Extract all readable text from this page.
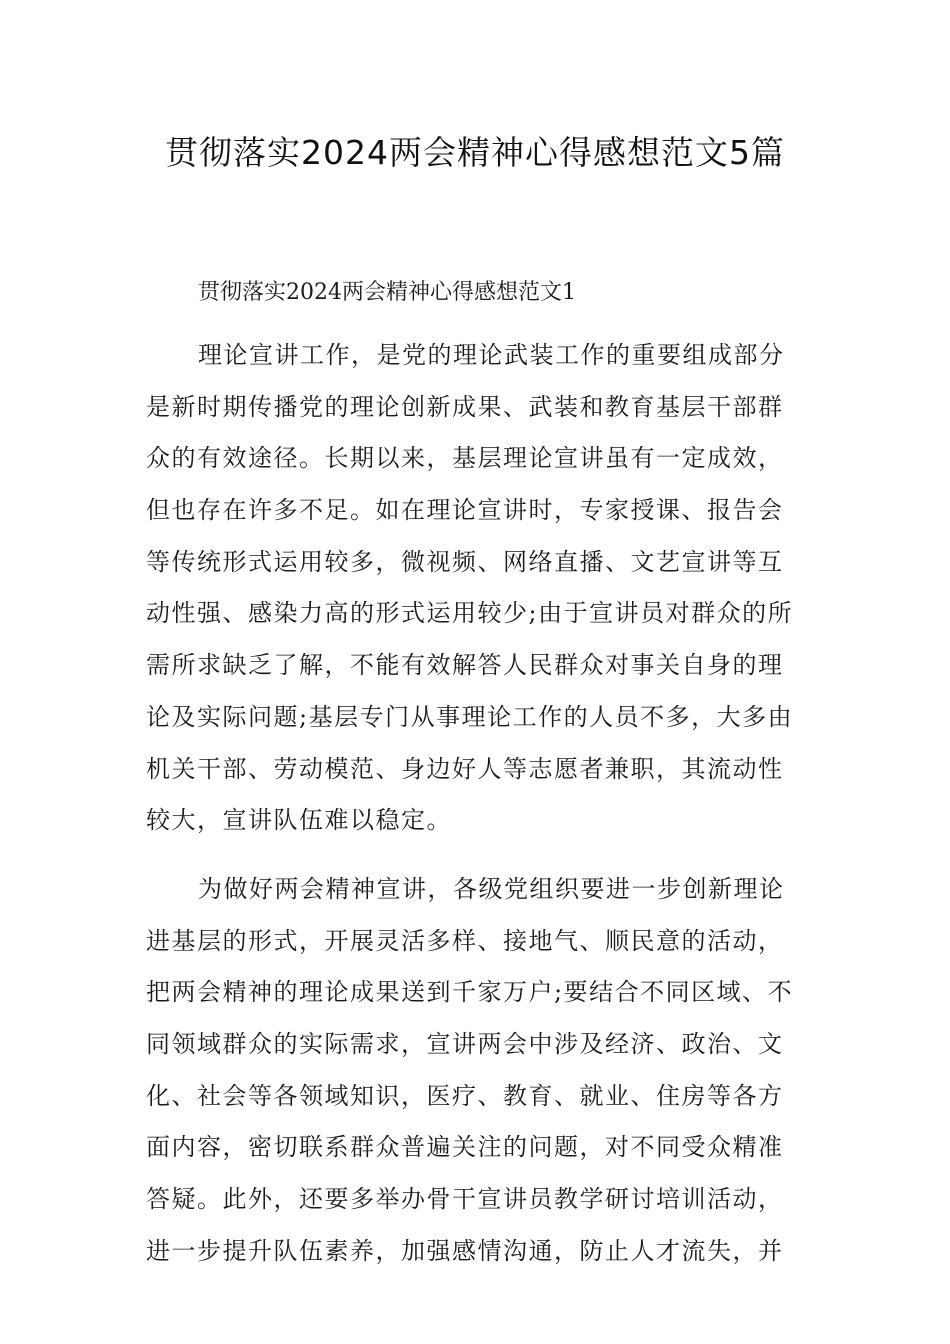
贯彻落实2024两会精神心得感想范文5篇

贯彻落实2024两会精神心得感想范文1

理论宣讲工作，是党的理论武装工作的重要组成部分
是新时期传播党的理论创新成果、武装和教育基层干部群
众的有效途径。长期以来，基层理论宣讲虽有一定成效，
但也存在许多不足。如在理论宣讲时，专家授课、报告会
等传统形式运用较多，微视频、网络直播、文艺宣讲等互
动性强、感染力高的形式运用较少;由于宣讲员对群众的所
需所求缺乏了解，不能有效解答人民群众对事关自身的理
论及实际问题;基层专门从事理论工作的人员不多，大多由
机关干部、劳动模范、身边好人等志愿者兼职，其流动性
较大，宣讲队伍难以稳定。
为做好两会精神宣讲，各级党组织要进一步创新理论
进基层的形式，开展灵活多样、接地气、顺民意的活动，
把两会精神的理论成果送到千家万户;要结合不同区域、不
同领域群众的实际需求，宣讲两会中涉及经济、政治、文
化、社会等各领域知识，医疗、教育、就业、住房等各方
面内容，密切联系群众普遍关注的问题，对不同受众精准
答疑。此外，还要多举办骨干宣讲员教学研讨培训活动，
进一步提升队伍素养，加强感情沟通，防止人才流失，并
